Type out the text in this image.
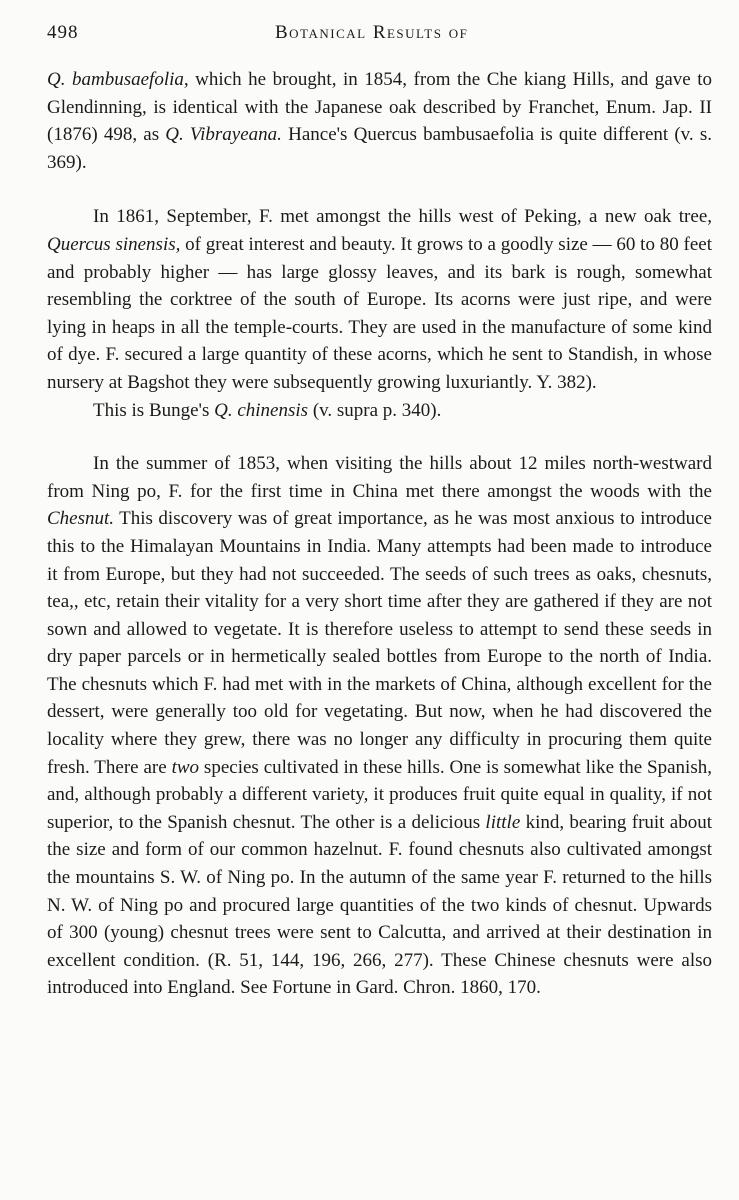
498	Botanical Results of

Q. bambusaefolia, which he brought, in 1854, from the Che kiang Hills, and gave to Glendinning, is identical with the Japanese oak described by Franchet, Enum. Jap. II (1876) 498, as Q. Vibrayeana. Hance's Quercus bambusaefolia is quite different (v. s. 369).

In 1861, September, F. met amongst the hills west of Peking, a new oak tree, Quercus sinensis, of great interest and beauty. It grows to a goodly size — 60 to 80 feet and probably higher — has large glossy leaves, and its bark is rough, somewhat resembling the corktree of the south of Europe. Its acorns were just ripe, and were lying in heaps in all the temple-courts. They are used in the manufacture of some kind of dye. F. secured a large quantity of these acorns, which he sent to Standish, in whose nursery at Bagshot they were subsequently growing luxuriantly. Y. 382).

This is Bunge's Q. chinensis (v. supra p. 340).

In the summer of 1853, when visiting the hills about 12 miles north-westward from Ning po, F. for the first time in China met there amongst the woods with the Chesnut. This discovery was of great importance, as he was most anxious to introduce this to the Himalayan Mountains in India. Many attempts had been made to introduce it from Europe, but they had not succeeded. The seeds of such trees as oaks, chesnuts, tea,, etc, retain their vitality for a very short time after they are gathered if they are not sown and allowed to vegetate. It is therefore useless to attempt to send these seeds in dry paper parcels or in hermetically sealed bottles from Europe to the north of India. The chesnuts which F. had met with in the markets of China, although excellent for the dessert, were generally too old for vegetating. But now, when he had discovered the locality where they grew, there was no longer any difficulty in procuring them quite fresh. There are two species cultivated in these hills. One is somewhat like the Spanish, and, although probably a different variety, it produces fruit quite equal in quality, if not superior, to the Spanish chesnut. The other is a delicious little kind, bearing fruit about the size and form of our common hazelnut. F. found chesnuts also cultivated amongst the mountains S. W. of Ning po. In the autumn of the same year F. returned to the hills N. W. of Ning po and procured large quantities of the two kinds of chesnut. Upwards of 300 (young) chesnut trees were sent to Calcutta, and arrived at their destination in excellent condition. (R. 51, 144, 196, 266, 277). These Chinese chesnuts were also introduced into England. See Fortune in Gard. Chron. 1860, 170.
